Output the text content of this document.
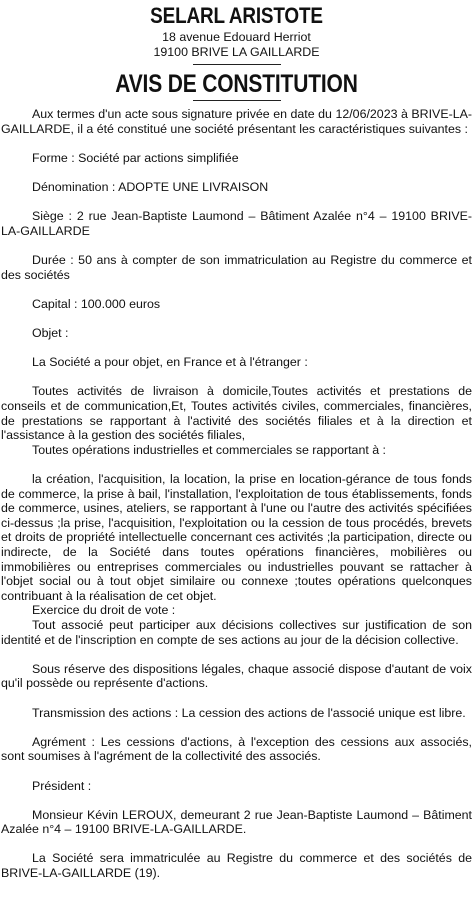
SELARL ARISTOTE
18 avenue Edouard Herriot
19100 BRIVE LA GAILLARDE
AVIS DE CONSTITUTION

Aux termes d'un acte sous signature privée en date du 12/06/2023 à BRIVE-LA-GAILLARDE, il a été constitué une société présentant les caractéristiques suivantes :

Forme : Société par actions simplifiée

Dénomination : ADOPTE UNE LIVRAISON

Siège : 2 rue Jean-Baptiste Laumond – Bâtiment Azalée n°4 – 19100 BRIVE-LA-GAILLARDE

Durée : 50 ans à compter de son immatriculation au Registre du commerce et des sociétés

Capital : 100.000 euros

Objet :

La Société a pour objet, en France et à l'étranger :

Toutes activités de livraison à domicile,Toutes activités et prestations de conseils et de communication,Et, Toutes activités civiles, commerciales, financières, de prestations se rapportant à l'activité des sociétés filiales et à la direction et l'assistance à la gestion des sociétés filiales,

Toutes opérations industrielles et commerciales se rapportant à :

la création, l'acquisition, la location, la prise en location-gérance de tous fonds de commerce, la prise à bail, l'installation, l'exploitation de tous établissements, fonds de commerce, usines, ateliers, se rapportant à l'une ou l'autre des activités spécifiées ci-dessus ;la prise, l'acquisition, l'exploitation ou la cession de tous procédés, brevets et droits de propriété intellectuelle concernant ces activités ;la participation, directe ou indirecte, de la Société dans toutes opérations financières, mobilières ou immobilières ou entreprises commerciales ou industrielles pouvant se rattacher à l'objet social ou à tout objet similaire ou connexe ;toutes opérations quelconques contribuant à la réalisation de cet objet.

Exercice du droit de vote :

Tout associé peut participer aux décisions collectives sur justification de son identité et de l'inscription en compte de ses actions au jour de la décision collective.

Sous réserve des dispositions légales, chaque associé dispose d'autant de voix qu'il possède ou représente d'actions.

Transmission des actions : La cession des actions de l'associé unique est libre.

Agrément : Les cessions d'actions, à l'exception des cessions aux associés, sont soumises à l'agrément de la collectivité des associés.

Président :

Monsieur Kévin LEROUX, demeurant 2 rue Jean-Baptiste Laumond – Bâtiment Azalée n°4 – 19100 BRIVE-LA-GAILLARDE.

La Société sera immatriculée au Registre du commerce et des sociétés de BRIVE-LA-GAILLARDE (19).
